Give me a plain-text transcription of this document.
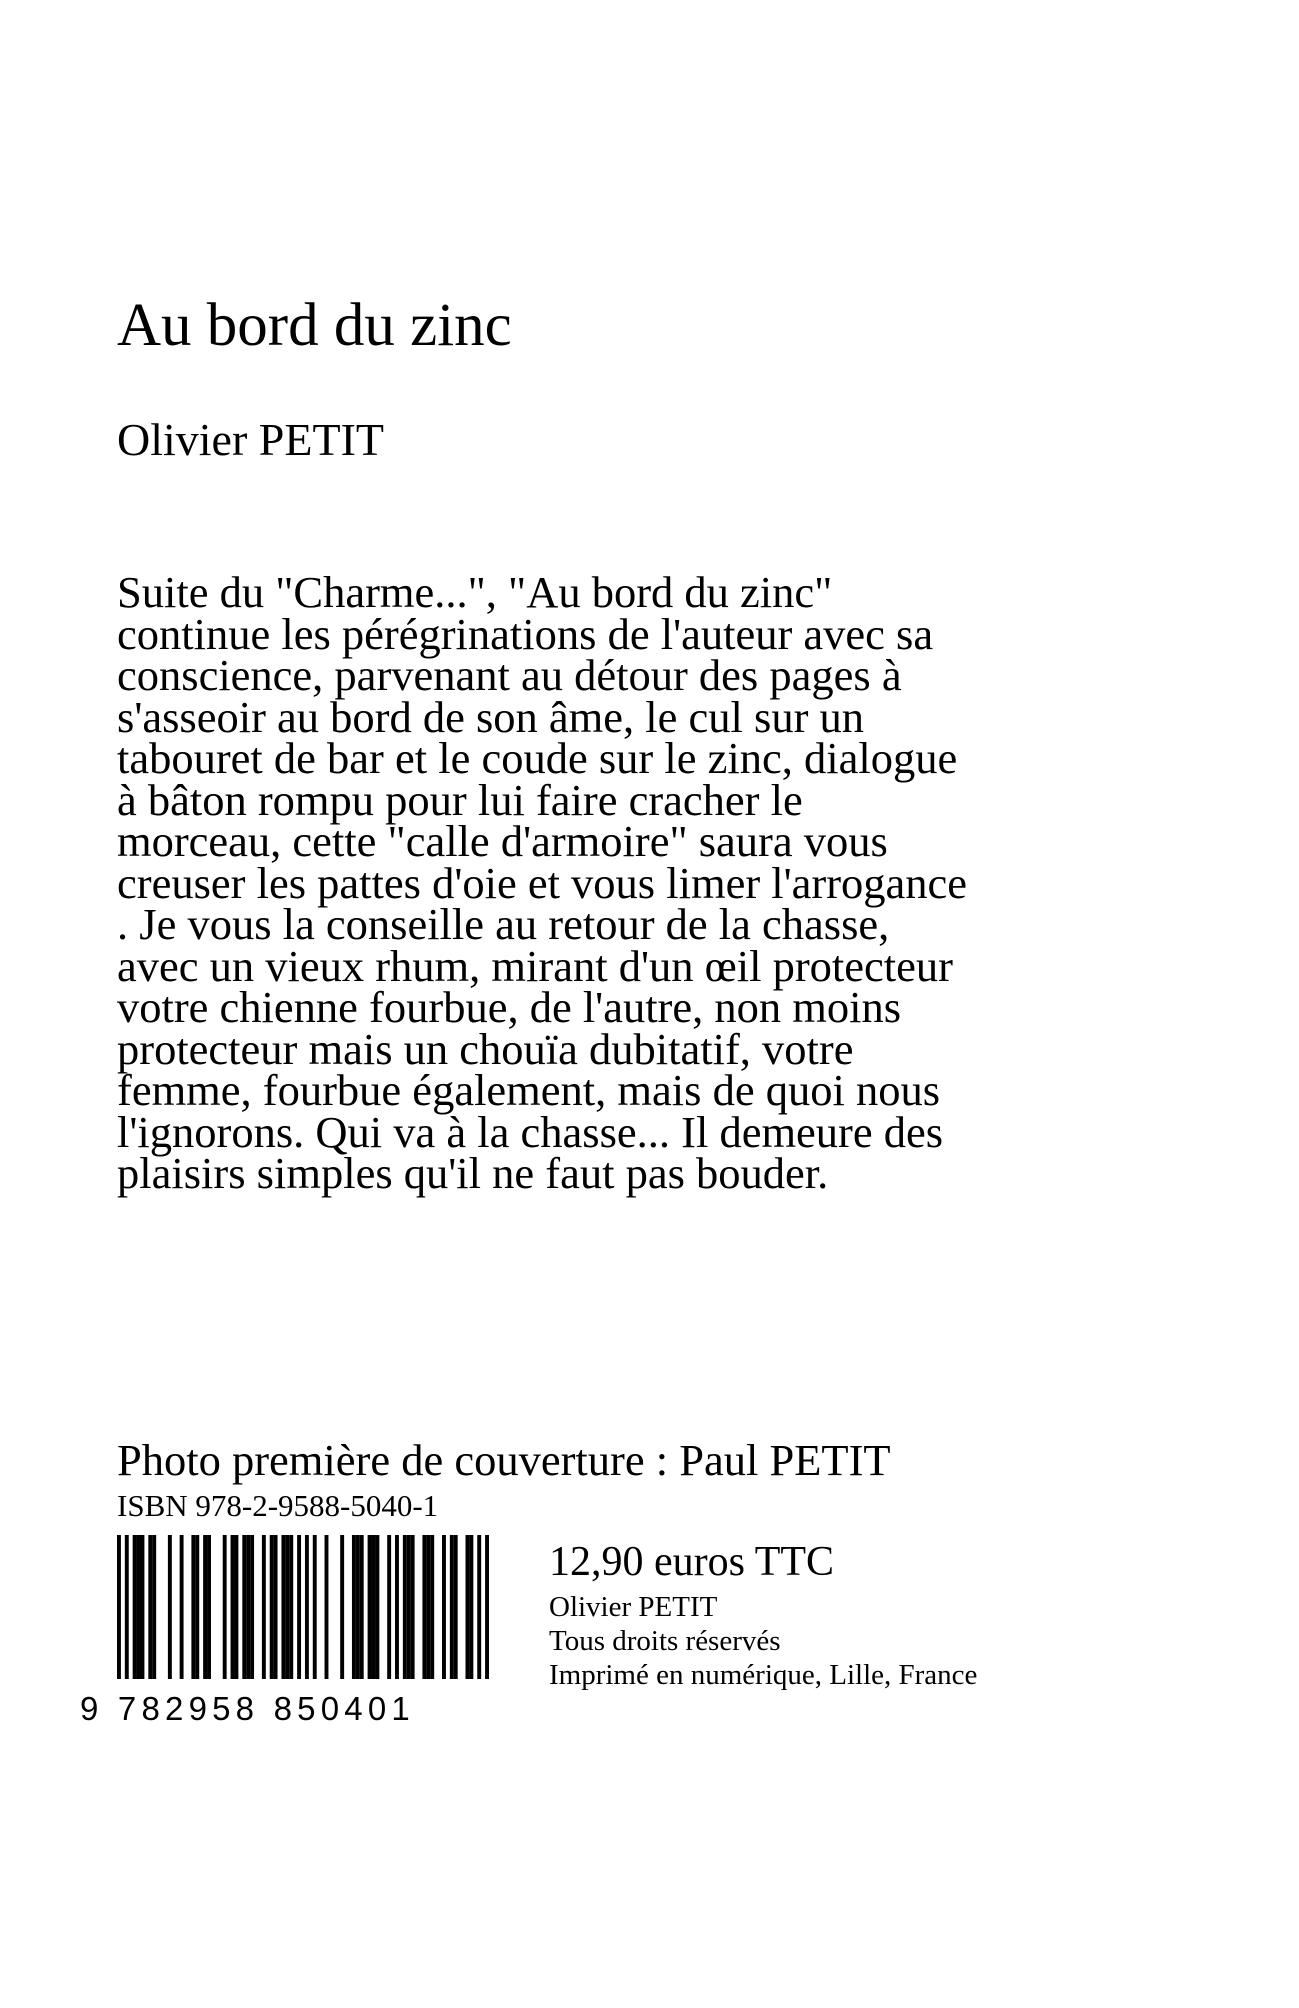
Au bord du zinc
Olivier PETIT

Suite du "Charme...", "Au bord du zinc" continue les pérégrinations de l'auteur avec sa conscience, parvenant au détour des pages à s'asseoir au bord de son âme, le cul sur un tabouret de bar et le coude sur le zinc, dialogue à bâton rompu pour lui faire cracher le morceau, cette "calle d'armoire" saura vous creuser les pattes d'oie et vous limer l'arrogance . Je vous la conseille au retour de la chasse, avec un vieux rhum, mirant d'un œil protecteur votre chienne fourbue, de l'autre, non moins protecteur mais un chouïa dubitatif, votre femme, fourbue également, mais de quoi nous l'ignorons. Qui va à la chasse... Il demeure des plaisirs simples qu'il ne faut pas bouder.

Photo première de couverture : Paul PETIT

ISBN 978-2-9588-5040-1
9 782958 850401
12,90 euros TTC
Olivier PETIT
Tous droits réservés
Imprimé en numérique, Lille, France
